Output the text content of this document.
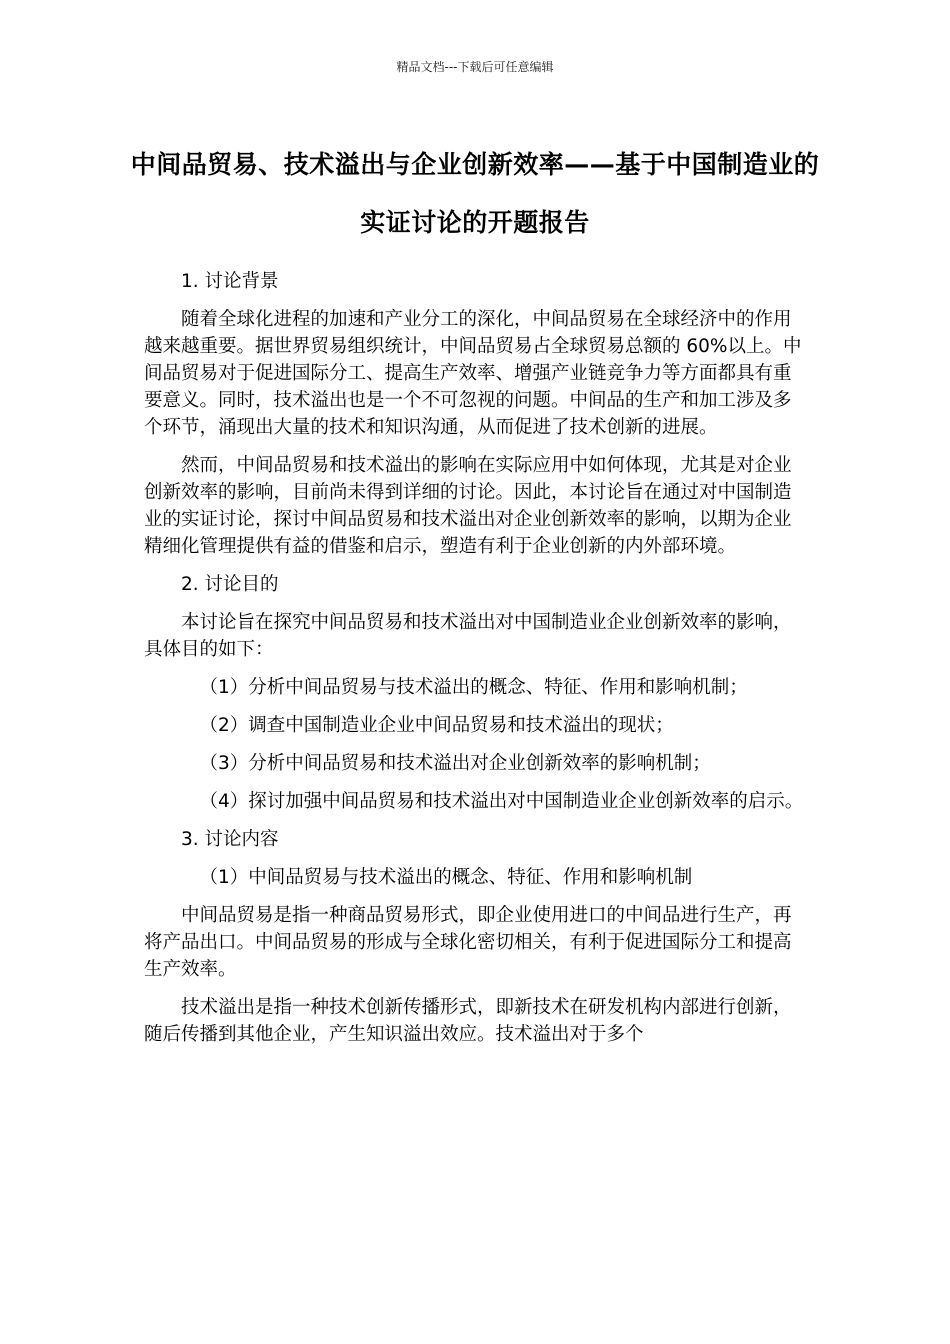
精品文档---下载后可任意编辑
中间品贸易、技术溢出与企业创新效率——基于中国制造业的实证讨论的开题报告

1. 讨论背景

随着全球化进程的加速和产业分工的深化，中间品贸易在全球经济中的作用越来越重要。据世界贸易组织统计，中间品贸易占全球贸易总额的 60%以上。中间品贸易对于促进国际分工、提高生产效率、增强产业链竞争力等方面都具有重要意义。同时，技术溢出也是一个不可忽视的问题。中间品的生产和加工涉及多个环节，涌现出大量的技术和知识沟通，从而促进了技术创新的进展。

然而，中间品贸易和技术溢出的影响在实际应用中如何体现，尤其是对企业创新效率的影响，目前尚未得到详细的讨论。因此，本讨论旨在通过对中国制造业的实证讨论，探讨中间品贸易和技术溢出对企业创新效率的影响，以期为企业精细化管理提供有益的借鉴和启示，塑造有利于企业创新的内外部环境。

2. 讨论目的

本讨论旨在探究中间品贸易和技术溢出对中国制造业企业创新效率的影响，具体目的如下：

（1）分析中间品贸易与技术溢出的概念、特征、作用和影响机制；

（2）调查中国制造业企业中间品贸易和技术溢出的现状；

（3）分析中间品贸易和技术溢出对企业创新效率的影响机制；

（4）探讨加强中间品贸易和技术溢出对中国制造业企业创新效率的启示。

3. 讨论内容

（1）中间品贸易与技术溢出的概念、特征、作用和影响机制

中间品贸易是指一种商品贸易形式，即企业使用进口的中间品进行生产，再将产品出口。中间品贸易的形成与全球化密切相关，有利于促进国际分工和提高生产效率。

技术溢出是指一种技术创新传播形式，即新技术在研发机构内部进行创新，随后传播到其他企业，产生知识溢出效应。技术溢出对于多个
